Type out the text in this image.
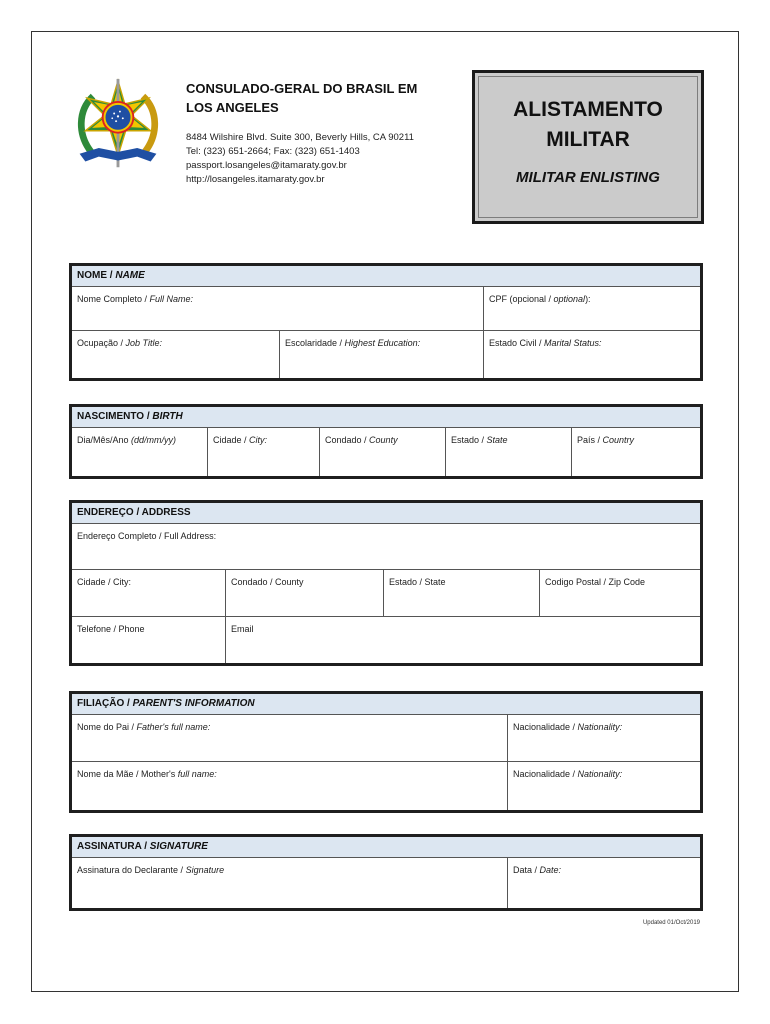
CONSULADO-GERAL DO BRASIL EM
LOS ANGELES
8484 Wilshire Blvd. Suite 300, Beverly Hills, CA 90211
Tel: (323) 651-2664; Fax: (323) 651-1403
passport.losangeles@itamaraty.gov.br
http://losangeles.itamaraty.gov.br
ALISTAMENTO
MILITAR
MILITAR ENLISTING
NOME / NAME
Nome Completo / Full Name:	CPF (opcional / optional):
Ocupação / Job Title:	Escolaridade / Highest Education:	Estado Civil / Marital Status:
NASCIMENTO / BIRTH
Dia/Mês/Ano (dd/mm/yy)	Cidade / City:	Condado / County	Estado / State	País / Country
ENDEREÇO / ADDRESS
Endereço Completo / Full Address:
Cidade / City:	Condado / County	Estado / State	Codigo Postal / Zip Code
Telefone / Phone	Email
FILIAÇÃO / PARENT'S INFORMATION
Nome do Pai / Father's full name:	Nacionalidade / Nationality:
Nome da Mãe / Mother's full name:	Nacionalidade / Nationality:
ASSINATURA / SIGNATURE
Assinatura do Declarante / Signature	Data / Date:
Updated 01/Oct/2019
